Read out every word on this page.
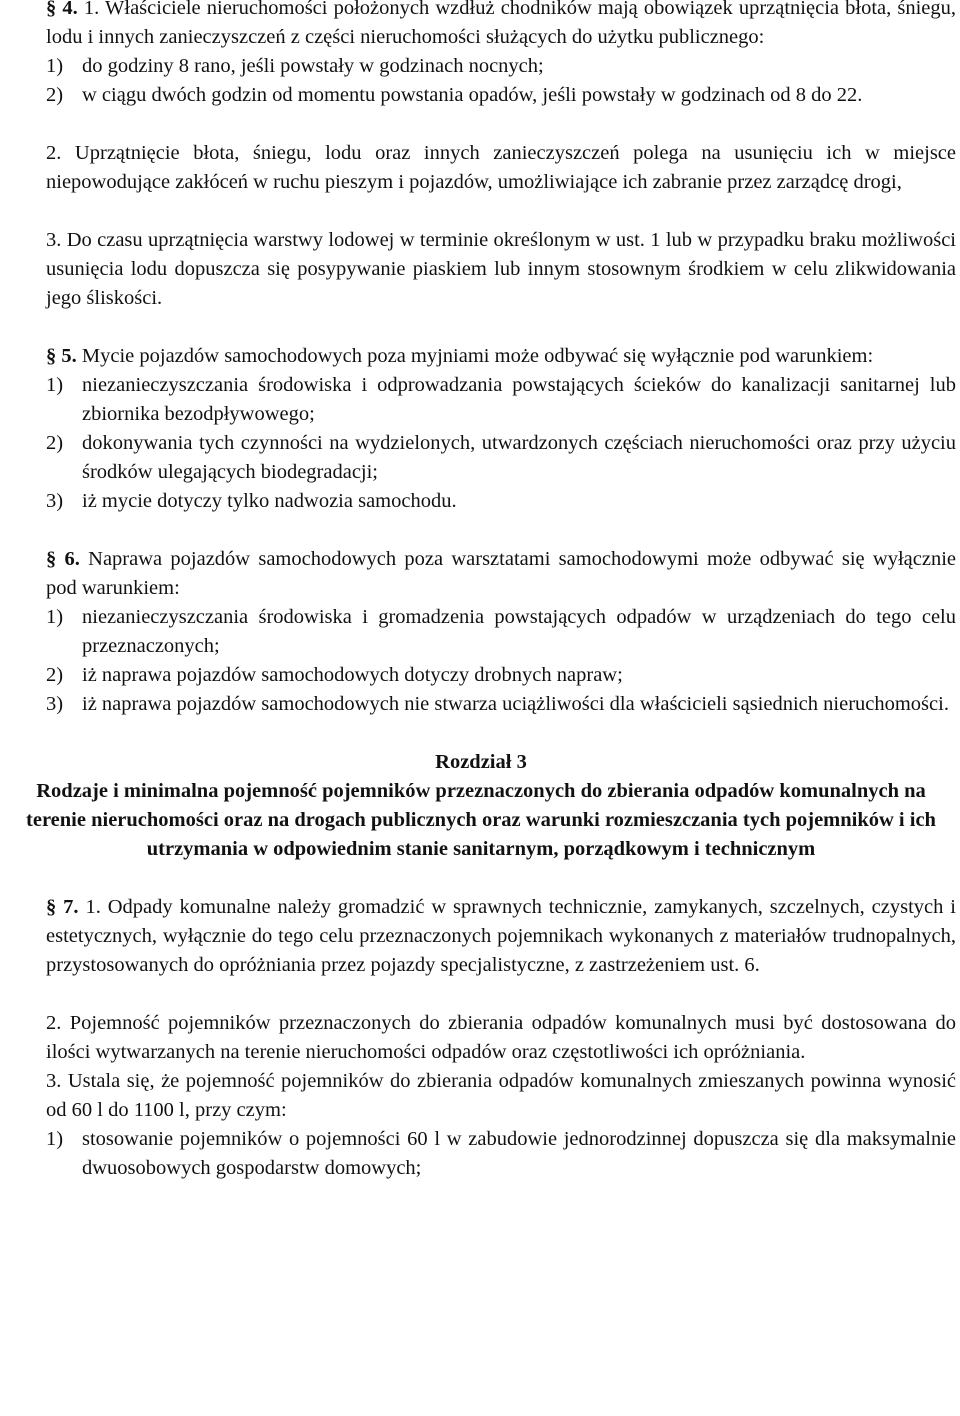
§ 4. 1. Właściciele nieruchomości położonych wzdłuż chodników mają obowiązek uprzątnięcia błota, śniegu, lodu i innych zanieczyszczeń z części nieruchomości służących do użytku publicznego:

1) do godziny 8 rano, jeśli powstały w godzinach nocnych;
2) w ciągu dwóch godzin od momentu powstania opadów, jeśli powstały w godzinach od 8 do 22.

2. Uprzątnięcie błota, śniegu, lodu oraz innych zanieczyszczeń polega na usunięciu ich w miejsce niepowodujące zakłóceń w ruchu pieszym i pojazdów, umożliwiające ich zabranie przez zarządcę drogi,

3. Do czasu uprzątnięcia warstwy lodowej w terminie określonym w ust. 1 lub w przypadku braku możliwości usunięcia lodu dopuszcza się posypywanie piaskiem lub innym stosownym środkiem w celu zlikwidowania jego śliskości.

§ 5. Mycie pojazdów samochodowych poza myjniami może odbywać się wyłącznie pod warunkiem:

1) niezanieczyszczania środowiska i odprowadzania powstających ścieków do kanalizacji sanitarnej lub zbiornika bezodpływowego;
2) dokonywania tych czynności na wydzielonych, utwardzonych częściach nieruchomości oraz przy użyciu środków ulegających biodegradacji;
3) iż mycie dotyczy tylko nadwozia samochodu.

§ 6. Naprawa pojazdów samochodowych poza warsztatami samochodowymi może odbywać się wyłącznie pod warunkiem:

1) niezanieczyszczania środowiska i gromadzenia powstających odpadów w urządzeniach do tego celu przeznaczonych;
2) iż naprawa pojazdów samochodowych dotyczy drobnych napraw;
3) iż naprawa pojazdów samochodowych nie stwarza uciążliwości dla właścicieli sąsiednich nieruchomości.

Rozdział 3

Rodzaje i minimalna pojemność pojemników przeznaczonych do zbierania odpadów komunalnych na terenie nieruchomości oraz na drogach publicznych oraz warunki rozmieszczania tych pojemników i ich utrzymania w odpowiednim stanie sanitarnym, porządkowym i technicznym

§ 7. 1. Odpady komunalne należy gromadzić w sprawnych technicznie, zamykanych, szczelnych, czystych i estetycznych, wyłącznie do tego celu przeznaczonych pojemnikach wykonanych z materiałów trudnopalnych, przystosowanych do opróżniania przez pojazdy specjalistyczne, z zastrzeżeniem ust. 6.

2. Pojemność pojemników przeznaczonych do zbierania odpadów komunalnych musi być dostosowana do ilości wytwarzanych na terenie nieruchomości odpadów oraz częstotliwości ich opróżniania.

3. Ustala się, że pojemność pojemników do zbierania odpadów komunalnych zmieszanych powinna wynosić od 60 l do 1100 l, przy czym:

1) stosowanie pojemników o pojemności 60 l w zabudowie jednorodzinnej dopuszcza się dla maksymalnie dwuosobowych gospodarstw domowych;
